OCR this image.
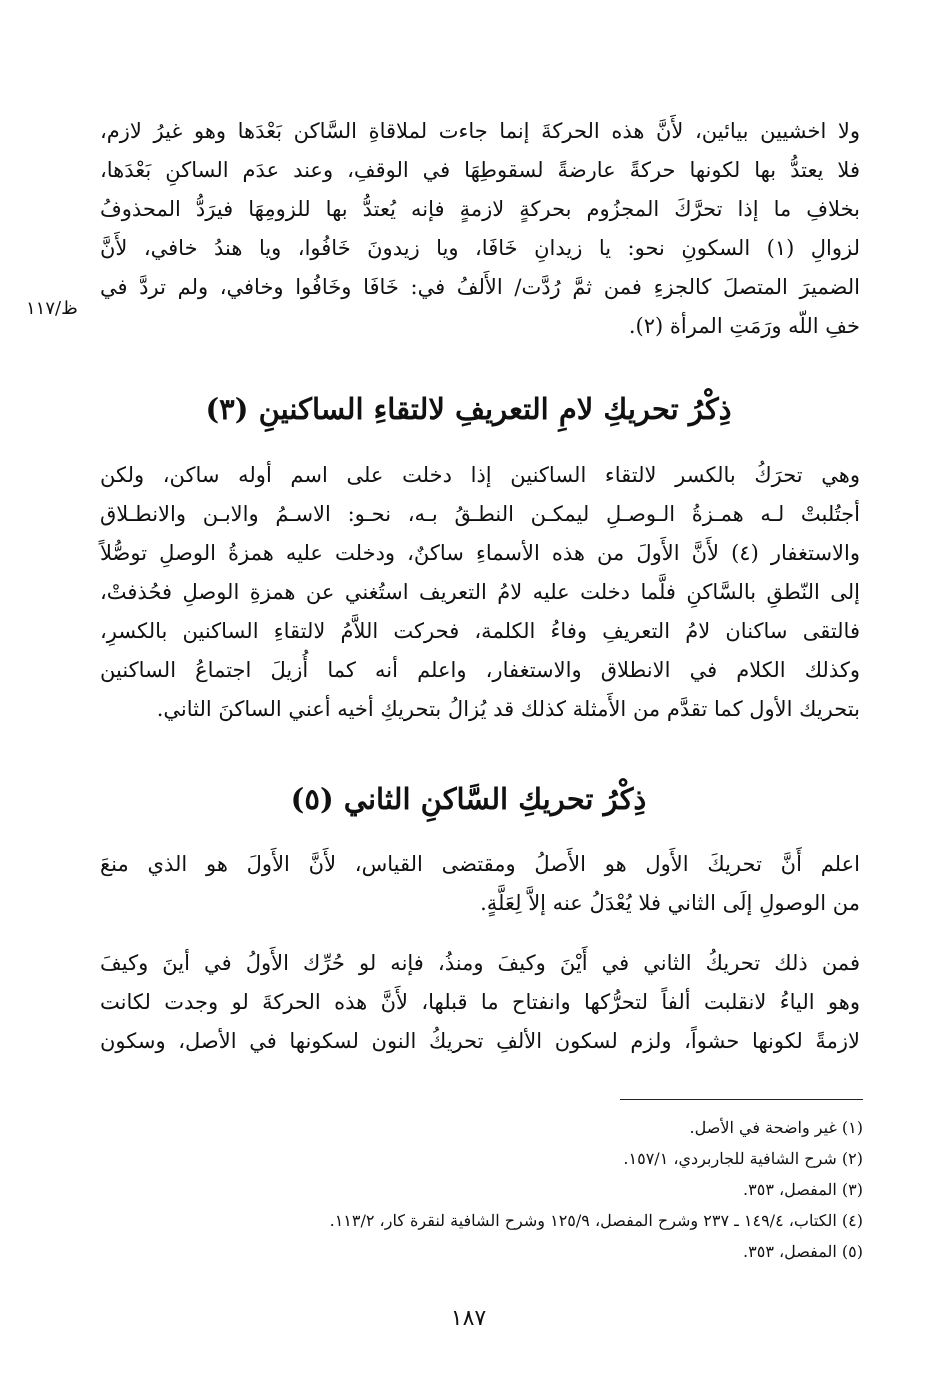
ولا اخشيين بيائين، لأَنَّ هذه الحركةَ إنما جاءت لملاقاةِ السَّاكن بَعْدَها وهو غيرُ لازم،
فلا يعتدُّ بها لكونها حركةً عارضةً لسقوطِهَا في الوقفِ، وعند عدَم الساكنِ بَعْدَها،
بخلافِ ما إذا تحرَّكَ المجزُوم بحركةٍ لازمةٍ فإنه يُعتدُّ بها للزومِهَا فيرَدُّ المحذوفُ
لزوالِ (١) السكونِ نحو: يا زيدانِ خَافَا، ويا زيدونَ خَافُوا، ويا هندُ خافي، لأَنَّ
الضميرَ المتصلَ كالجزءِ فمن ثمَّ رُدَّت/ الأَلفُ في: خَافَا وخَافُوا وخافي، ولم تردَّ في
خفِ اللّه ورَمَتِ المرأة (٢).
ظ/١١٧
ذِكْرُ تحريكِ لامِ التعريفِ لالتقاءِ الساكنينِ (٣)
وهي تحرَكُ بالكسر لالتقاء الساكنين إذا دخلت على اسم أوله ساكن، ولكن
أجتُلبتْ لـه همـزةُ الـوصـلِ ليمكـن النطـقُ بـه، نحـو: الاسـمُ والابـن والانطـلاق
والاستغفار (٤) لأَنَّ الأَولَ من هذه الأسماءِ ساكنٌ، ودخلت عليه همزةُ الوصلِ توصُّلاً
إلى النّطقِ بالسَّاكنِ فلَّما دخلت عليه لامُ التعريف استُغني عن همزةِ الوصلِ فحُذفتْ،
فالتقى ساكنان لامُ التعريفِ وفاءُ الكلمة، فحركت اللاَّمُ لالتقاءِ الساكنين بالكسرِ،
وكذلك الكلام في الانطلاق والاستغفار، واعلم أنه كما أُزيلَ اجتماعُ الساكنين
بتحريك الأول كما تقدَّم من الأَمثلة كذلك قد يُزالُ بتحريكِ أخيه أعني الساكنَ الثاني.
ذِكْرُ تحريكِ السَّاكنِ الثاني (٥)
اعلم أَنَّ تحريكَ الأَول هو الأَصلُ ومقتضى القياس، لأَنَّ الأَولَ هو الذي منعَ
من الوصولِ إلَى الثاني فلا يُعْدَلُ عنه إلاَّ لِعَلَّةٍ.
فمن ذلك تحريكُ الثاني في أَيْنَ وكيفَ ومنذُ، فإنه لو حُرِّك الأَولُ في أينَ وكيفَ
وهو الياءُ لانقلبت ألفاً لتحرُّكها وانفتاح ما قبلها، لأَنَّ هذه الحركةَ لو وجدت لكانت
لازمةً لكونها حشواً، ولزم لسكون الألفِ تحريكُ النون لسكونها في الأصل، وسكون
(١) غير واضحة في الأصل.
(٢) شرح الشافية للجاربردي، ١٥٧/١.
(٣) المفصل، ٣٥٣.
(٤) الكتاب، ١٤٩/٤ ـ ٢٣٧ وشرح المفصل، ١٢٥/٩ وشرح الشافية لنقرة كار، ١١٣/٢.
(٥) المفصل، ٣٥٣.
١٨٧
